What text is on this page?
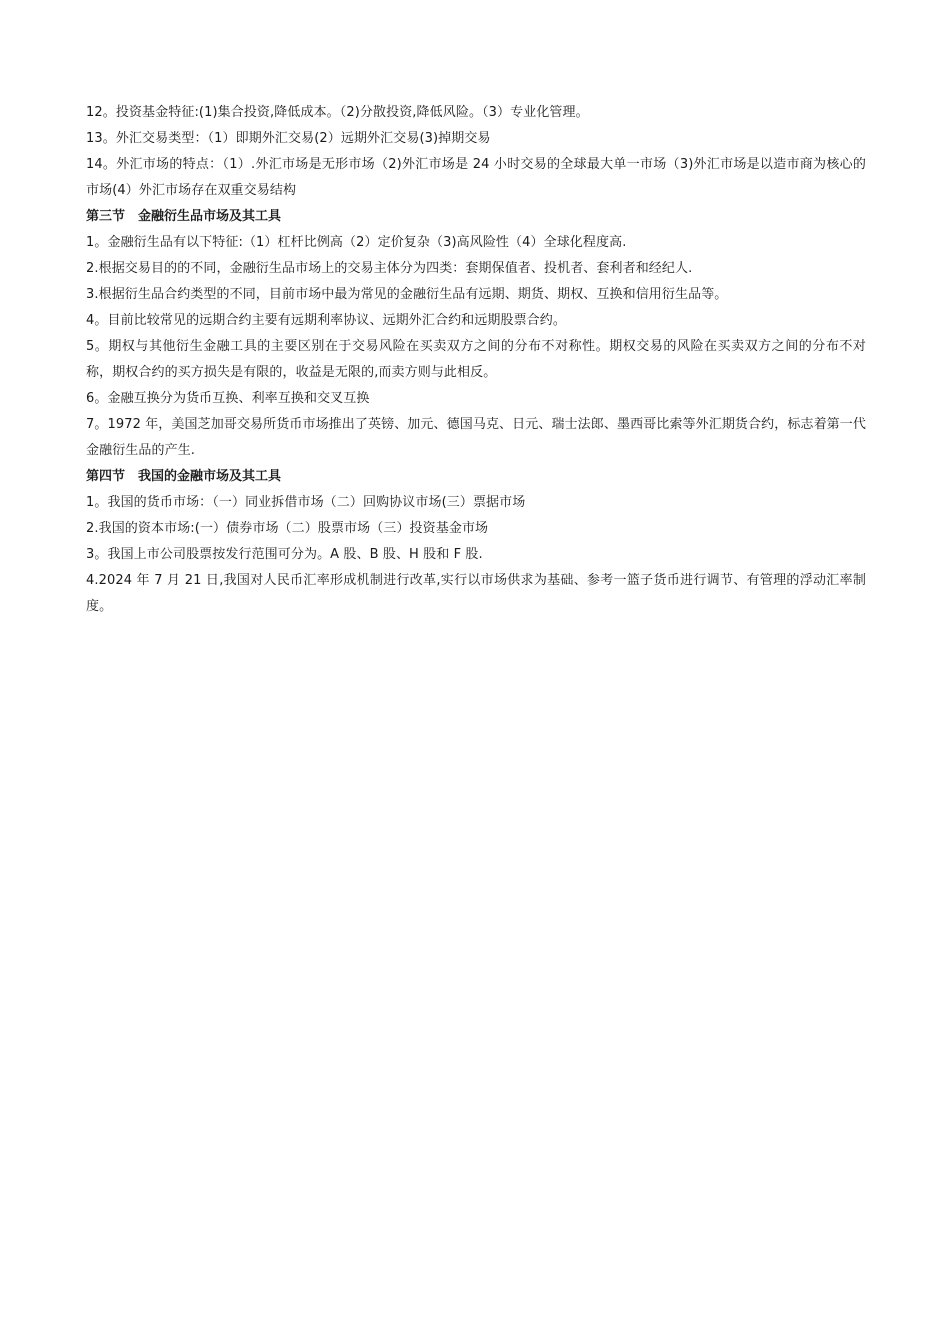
12。投资基金特征:(1)集合投资,降低成本。（2)分散投资,降低风险。（3）专业化管理。

13。外汇交易类型：（1）即期外汇交易(2）远期外汇交易(3)掉期交易

14。外汇市场的特点：（1）.外汇市场是无形市场（2)外汇市场是 24 小时交易的全球最大单一市场（3)外汇市场是以造市商为核心的市场(4）外汇市场存在双重交易结构

第三节　金融衍生品市场及其工具

1。金融衍生品有以下特征:（1）杠杆比例高（2）定价复杂（3)高风险性（4）全球化程度高.

2.根据交易目的的不同，金融衍生品市场上的交易主体分为四类：套期保值者、投机者、套利者和经纪人.

3.根据衍生品合约类型的不同，目前市场中最为常见的金融衍生品有远期、期货、期权、互换和信用衍生品等。

4。目前比较常见的远期合约主要有远期利率协议、远期外汇合约和远期股票合约。

5。期权与其他衍生金融工具的主要区别在于交易风险在买卖双方之间的分布不对称性。期权交易的风险在买卖双方之间的分布不对称，期权合约的买方损失是有限的，收益是无限的,而卖方则与此相反。

6。金融互换分为货币互换、利率互换和交叉互换

7。1972 年，美国芝加哥交易所货币市场推出了英镑、加元、德国马克、日元、瑞士法郎、墨西哥比索等外汇期货合约，标志着第一代金融衍生品的产生.

第四节　我国的金融市场及其工具

1。我国的货币市场：（一）同业拆借市场（二）回购协议市场(三）票据市场

2.我国的资本市场:(一）债券市场（二）股票市场（三）投资基金市场

3。我国上市公司股票按发行范围可分为。A 股、B 股、H 股和 F 股.

4.2024 年 7 月 21 日,我国对人民币汇率形成机制进行改革,实行以市场供求为基础、参考一篮子货币进行调节、有管理的浮动汇率制度。
